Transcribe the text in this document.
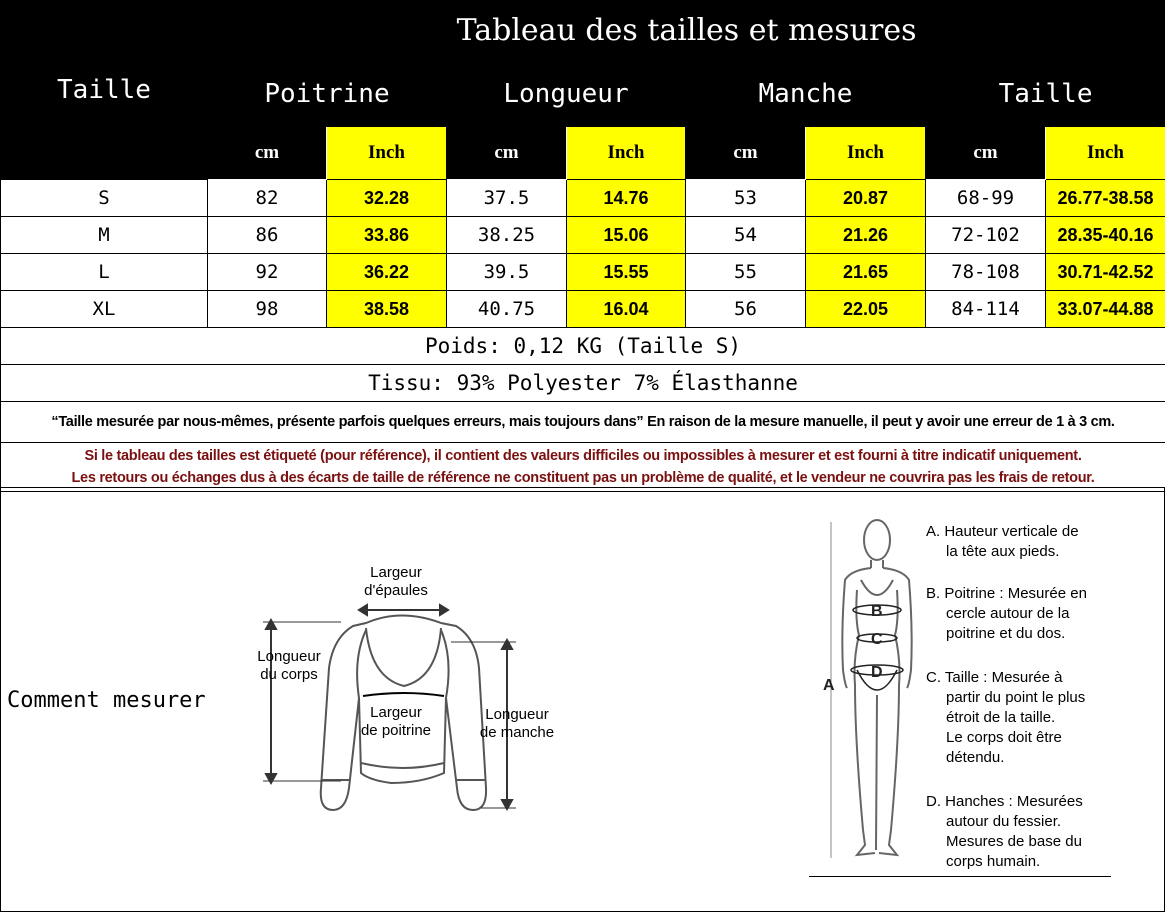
Taille	Tableau des tailles et mesures							
	Poitrine		Longueur		Manche		Taille	
	cm	Inch	cm	Inch	cm	Inch	cm	Inch
S	82	32.28	37.5	14.76	53	20.87	68-99	26.77-38.58
M	86	33.86	38.25	15.06	54	21.26	72-102	28.35-40.16
L	92	36.22	39.5	15.55	55	21.65	78-108	30.71-42.52
XL	98	38.58	40.75	16.04	56	22.05	84-114	33.07-44.88
Poids: 0,12 KG (Taille S)								
Tissu: 93% Polyester 7% Élasthanne								
“Taille mesurée par nous-mêmes, présente parfois quelques erreurs, mais toujours dans” En raison de la mesure manuelle, il peut y avoir une erreur de 1 à 3 cm.								

Si le tableau des tailles est étiqueté (pour référence), il contient des valeurs difficiles ou impossibles à mesurer et est fourni à titre indicatif uniquement.
Les retours ou échanges dus à des écarts de taille de référence ne constituent pas un problème de qualité, et le vendeur ne couvrira pas les frais de retour.								
Comment mesurer
Largeur
d'épaules
Longueur
du corps
Largeur
de poitrine
Longueur
de manche
B
C
D
A
A. Hauteur verticale de
la tête aux pieds.
B. Poitrine : Mesurée en
cercle autour de la
poitrine et du dos.
C. Taille : Mesurée à
partir du point le plus
étroit de la taille.
Le corps doit être
détendu.
D. Hanches : Mesurées
autour du fessier.
Mesures de base du
corps humain.
